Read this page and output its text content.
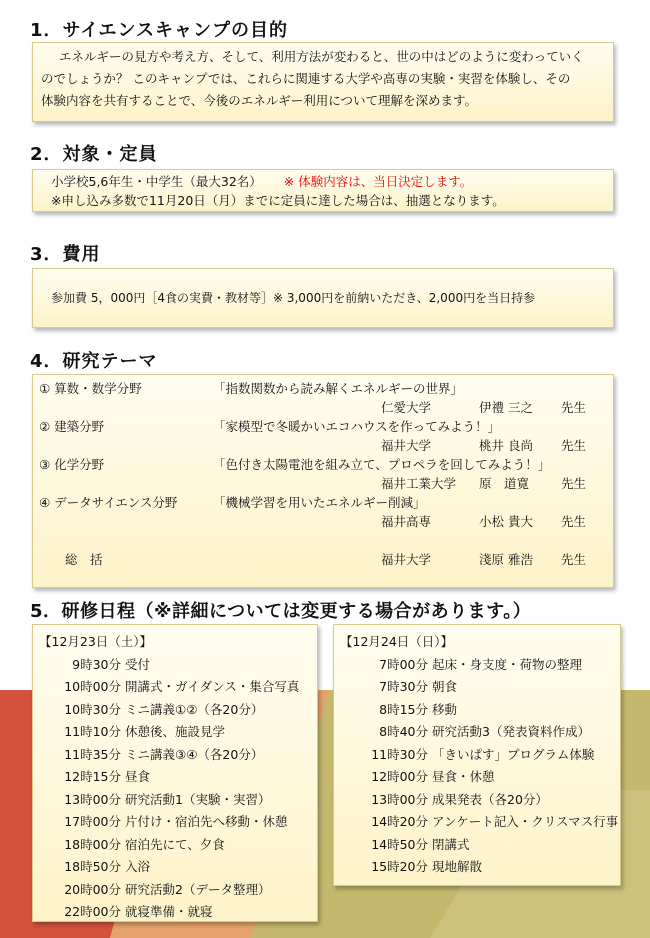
1．サイエンスキャンプの目的
エネルギーの見方や考え方、そして、利用方法が変わると、世の中はどのように変わっていく
のでしょうか？ このキャンプでは、これらに関連する大学や高専の実験・実習を体験し、その
体験内容を共有することで、今後のエネルギー利用について理解を深めます。
2．対象・定員
小学校5,6年生・中学生（最大32名） ※ 体験内容は、当日決定します。
※申し込み多数で11月20日（月）までに定員に達した場合は、抽選となります。
3．費用
参加費 5，000円［4食の実費・教材等］※ 3,000円を前納いただき、2,000円を当日持参
4．研究テーマ
① 算数・数学分野	「指数関数から読み解くエネルギーの世界」
仁愛大学	伊禮 三之 先生
② 建築分野	「家模型で冬暖かいエコハウスを作ってみよう！」
福井大学	桃井 良尚 先生
③ 化学分野	「色付き太陽電池を組み立て、プロペラを回してみよう！」
福井工業大学 原　道寛	先生
④ データサイエンス分野	「機械学習を用いたエネルギー削減」
福井高専	小松 貴大 先生
総　括	福井大学	淺原 雅浩 先生
5．研修日程（※詳細については変更する場合があります。）
【12月23日（土）】
9時30分 受付
10時00分 開講式・ガイダンス・集合写真
10時30分 ミニ講義①②（各20分）
11時10分 休憩後、施設見学
11時35分 ミニ講義③④（各20分）
12時15分 昼食
13時00分 研究活動1（実験・実習）
17時00分 片付け・宿泊先へ移動・休憩
18時00分 宿泊先にて、夕食
18時50分 入浴
20時00分 研究活動2（データ整理）
22時00分 就寝準備・就寝
【12月24日（日）】
7時00分 起床・身支度・荷物の整理
7時30分 朝食
8時15分 移動
8時40分 研究活動3（発表資料作成）
11時30分 「きいぱす」プログラム体験
12時00分 昼食・休憩
13時00分 成果発表（各20分）
14時20分 アンケート記入・クリスマス行事
14時50分 閉講式
15時20分 現地解散
